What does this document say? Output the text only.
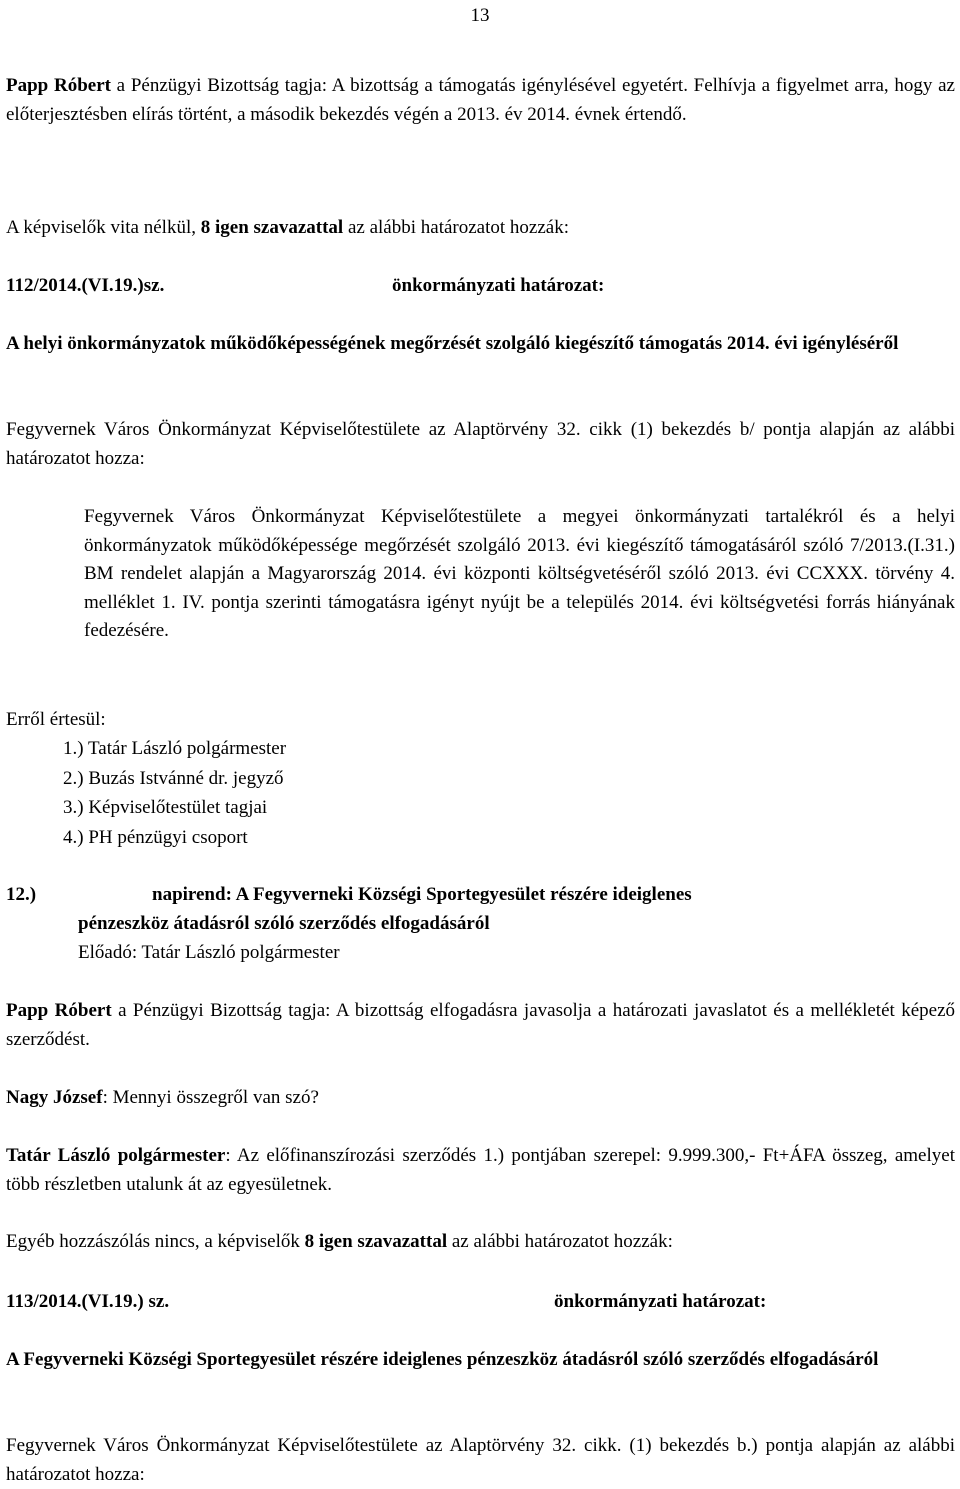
13
Papp Róbert a Pénzügyi Bizottság tagja: A bizottság a támogatás igénylésével egyetért. Felhívja a figyelmet arra, hogy az előterjesztésben elírás történt, a második bekezdés végén a 2013. év 2014. évnek értendő.
A képviselők vita nélkül, 8 igen szavazattal az alábbi határozatot hozzák:
112/2014.(VI.19.)sz.	önkormányzati határozat:
A helyi önkormányzatok működőképességének megőrzését szolgáló kiegészítő támogatás 2014. évi igényléséről
Fegyvernek Város Önkormányzat Képviselőtestülete az Alaptörvény 32. cikk (1) bekezdés b/ pontja alapján az alábbi határozatot hozza:
Fegyvernek Város Önkormányzat Képviselőtestülete a megyei önkormányzati tartalékról és a helyi önkormányzatok működőképessége megőrzését szolgáló 2013. évi kiegészítő támogatásáról szóló 7/2013.(I.31.) BM rendelet alapján a Magyarország 2014. évi központi költségvetéséről szóló 2013. évi CCXXX. törvény 4. melléklet 1. IV. pontja szerinti támogatásra igényt nyújt be a település 2014. évi költségvetési forrás hiányának fedezésére.
Erről értesül:
1.) Tatár László polgármester
2.) Buzás Istvánné dr. jegyző
3.) Képviselőtestület tagjai
4.) PH pénzügyi csoport
12.)	napirend: A Fegyverneki Községi Sportegyesület részére ideiglenes
pénzeszköz átadásról szóló szerződés elfogadásáról
Előadó: Tatár László polgármester
Papp Róbert a Pénzügyi Bizottság tagja: A bizottság elfogadásra javasolja a határozati javaslatot és a mellékletét képező szerződést.
Nagy József: Mennyi összegről van szó?
Tatár László polgármester: Az előfinanszírozási szerződés 1.) pontjában szerepel: 9.999.300,- Ft+ÁFA összeg, amelyet több részletben utalunk át az egyesületnek.
Egyéb hozzászólás nincs, a képviselők 8 igen szavazattal az alábbi határozatot hozzák:
113/2014.(VI.19.) sz.	önkormányzati határozat:
A Fegyverneki Községi Sportegyesület részére ideiglenes pénzeszköz átadásról szóló szerződés elfogadásáról
Fegyvernek Város Önkormányzat Képviselőtestülete az Alaptörvény 32. cikk. (1) bekezdés b.) pontja alapján az alábbi határozatot hozza:
